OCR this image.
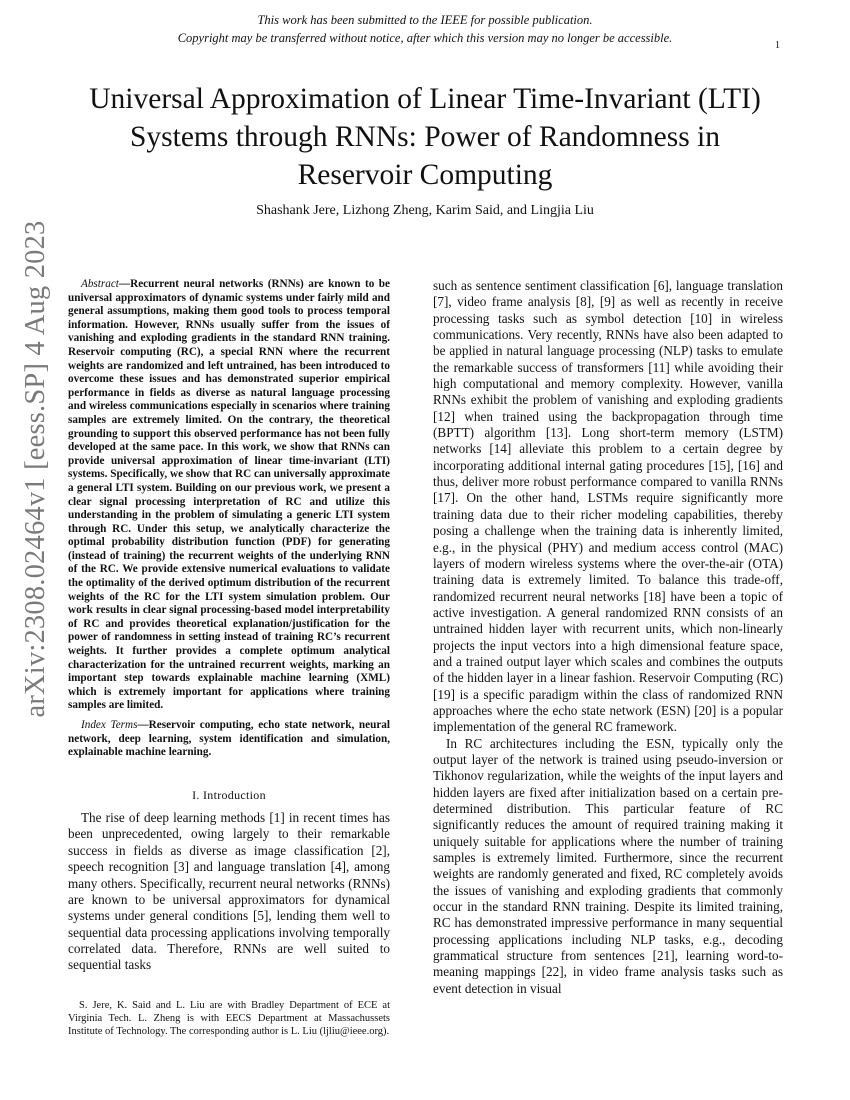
This work has been submitted to the IEEE for possible publication.
Copyright may be transferred without notice, after which this version may no longer be accessible.
1
Universal Approximation of Linear Time-Invariant (LTI) Systems through RNNs: Power of Randomness in Reservoir Computing
Shashank Jere, Lizhong Zheng, Karim Said, and Lingjia Liu
arXiv:2308.02464v1 [eess.SP] 4 Aug 2023	Abstract—Recurrent neural networks (RNNs) are known to be universal approximators of dynamic systems under fairly mild and general assumptions, making them good tools to process temporal information. However, RNNs usually suffer from the issues of vanishing and exploding gradients in the standard RNN training. Reservoir computing (RC), a special RNN where the recurrent weights are randomized and left untrained, has been introduced to overcome these issues and has demonstrated superior empirical performance in fields as diverse as natural language processing and wireless communications especially in scenarios where training samples are extremely limited. On the contrary, the theoretical grounding to support this observed performance has not been fully developed at the same pace. In this work, we show that RNNs can provide universal approximation of linear time-invariant (LTI) systems. Specifically, we show that RC can universally approximate a general LTI system. Building on our previous work, we present a clear signal processing interpretation of RC and utilize this understanding in the problem of simulating a generic LTI system through RC. Under this setup, we analytically characterize the optimal probability distribution function (PDF) for generating (instead of training) the recurrent weights of the underlying RNN of the RC. We provide extensive numerical evaluations to validate the optimality of the derived optimum distribution of the recurrent weights of the RC for the LTI system simulation problem. Our work results in clear signal processing-based model interpretability of RC and provides theoretical explanation/justification for the power of randomness in setting instead of training RC’s recurrent weights. It further provides a complete optimum analytical characterization for the untrained recurrent weights, marking an important step towards explainable machine learning (XML) which is extremely important for applications where training samples are limited.

Index Terms—Reservoir computing, echo state network, neural network, deep learning, system identification and simulation, explainable machine learning.

I. Introduction

The rise of deep learning methods [1] in recent times has been unprecedented, owing largely to their remarkable success in fields as diverse as image classification [2], speech recognition [3] and language translation [4], among many others. Specifically, recurrent neural networks (RNNs) are known to be universal approximators for dynamical systems under general conditions [5], lending them well to sequential data processing applications involving temporally correlated data. Therefore, RNNs are well suited to sequential tasks

such as sentence sentiment classification [6], language translation [7], video frame analysis [8], [9] as well as recently in receive processing tasks such as symbol detection [10] in wireless communications. Very recently, RNNs have also been adapted to be applied in natural language processing (NLP) tasks to emulate the remarkable success of transformers [11] while avoiding their high computational and memory complexity. However, vanilla RNNs exhibit the problem of vanishing and exploding gradients [12] when trained using the backpropagation through time (BPTT) algorithm [13]. Long short-term memory (LSTM) networks [14] alleviate this problem to a certain degree by incorporating additional internal gating procedures [15], [16] and thus, deliver more robust performance compared to vanilla RNNs [17]. On the other hand, LSTMs require significantly more training data due to their richer modeling capabilities, thereby posing a challenge when the training data is inherently limited, e.g., in the physical (PHY) and medium access control (MAC) layers of modern wireless systems where the over-the-air (OTA) training data is extremely limited. To balance this trade-off, randomized recurrent neural networks [18] have been a topic of active investigation. A general randomized RNN consists of an untrained hidden layer with recurrent units, which non-linearly projects the input vectors into a high dimensional feature space, and a trained output layer which scales and combines the outputs of the hidden layer in a linear fashion. Reservoir Computing (RC) [19] is a specific paradigm within the class of randomized RNN approaches where the echo state network (ESN) [20] is a popular implementation of the general RC framework.

In RC architectures including the ESN, typically only the output layer of the network is trained using pseudo-inversion or Tikhonov regularization, while the weights of the input layers and hidden layers are fixed after initialization based on a certain pre-determined distribution. This particular feature of RC significantly reduces the amount of required training making it uniquely suitable for applications where the number of training samples is extremely limited. Furthermore, since the recurrent weights are randomly generated and fixed, RC completely avoids the issues of vanishing and exploding gradients that commonly occur in the standard RNN training. Despite its limited training, RC has demonstrated impressive performance in many sequential processing applications including NLP tasks, e.g., decoding grammatical structure from sentences [21], learning word-to-meaning mappings [22], in video frame analysis tasks such as event detection in visual

S. Jere, K. Said and L. Liu are with Bradley Department of ECE at Virginia Tech. L. Zheng is with EECS Department at Massachussets Institute of Technology. The corresponding author is L. Liu (ljliu@ieee.org).
